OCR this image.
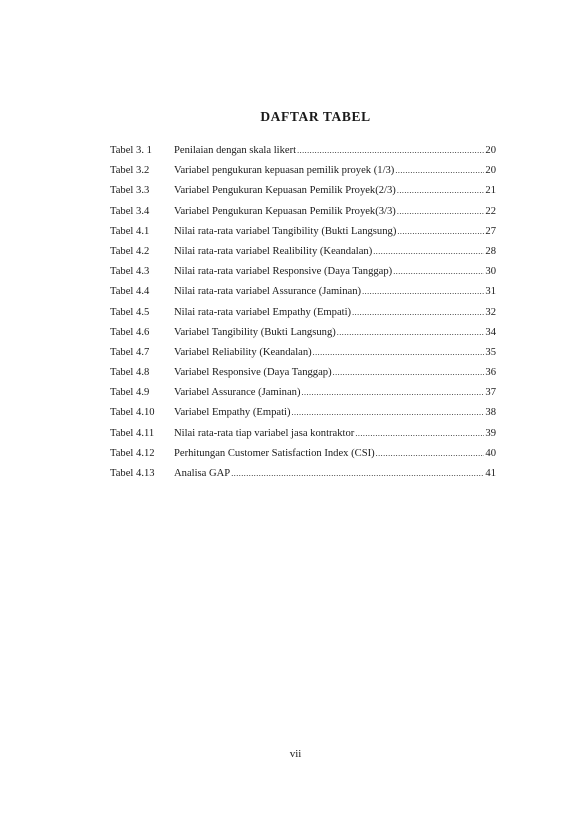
DAFTAR TABEL
Tabel 3. 1	Penilaian dengan skala likert .....	20
Tabel 3.2	Variabel pengukuran kepuasan pemilik proyek (1/3) .....	20
Tabel 3.3	Variabel Pengukuran Kepuasan Pemilik Proyek(2/3) .....	21
Tabel 3.4	Variabel Pengukuran Kepuasan Pemilik Proyek(3/3) .....	22
Tabel 4.1	Nilai rata-rata variabel Tangibility (Bukti Langsung) .....	27
Tabel 4.2	Nilai rata-rata variabel Realibility (Keandalan) .....	28
Tabel 4.3	Nilai rata-rata variabel Responsive (Daya Tanggap) .....	30
Tabel 4.4	Nilai rata-rata variabel Assurance (Jaminan) .....	31
Tabel 4.5	Nilai rata-rata variabel Empathy (Empati) .....	32
Tabel 4.6	Variabel Tangibility (Bukti Langsung) .....	34
Tabel 4.7	Variabel Reliability (Keandalan) .....	35
Tabel 4.8	Variabel Responsive (Daya Tanggap) .....	36
Tabel 4.9	Variabel Assurance (Jaminan) .....	37
Tabel 4.10	Variabel Empathy (Empati) .....	38
Tabel 4.11	Nilai rata-rata tiap variabel jasa kontraktor .....	39
Tabel 4.12	Perhitungan Customer Satisfaction Index (CSI) .....	40
Tabel 4.13	Analisa GAP .....	41
vii
